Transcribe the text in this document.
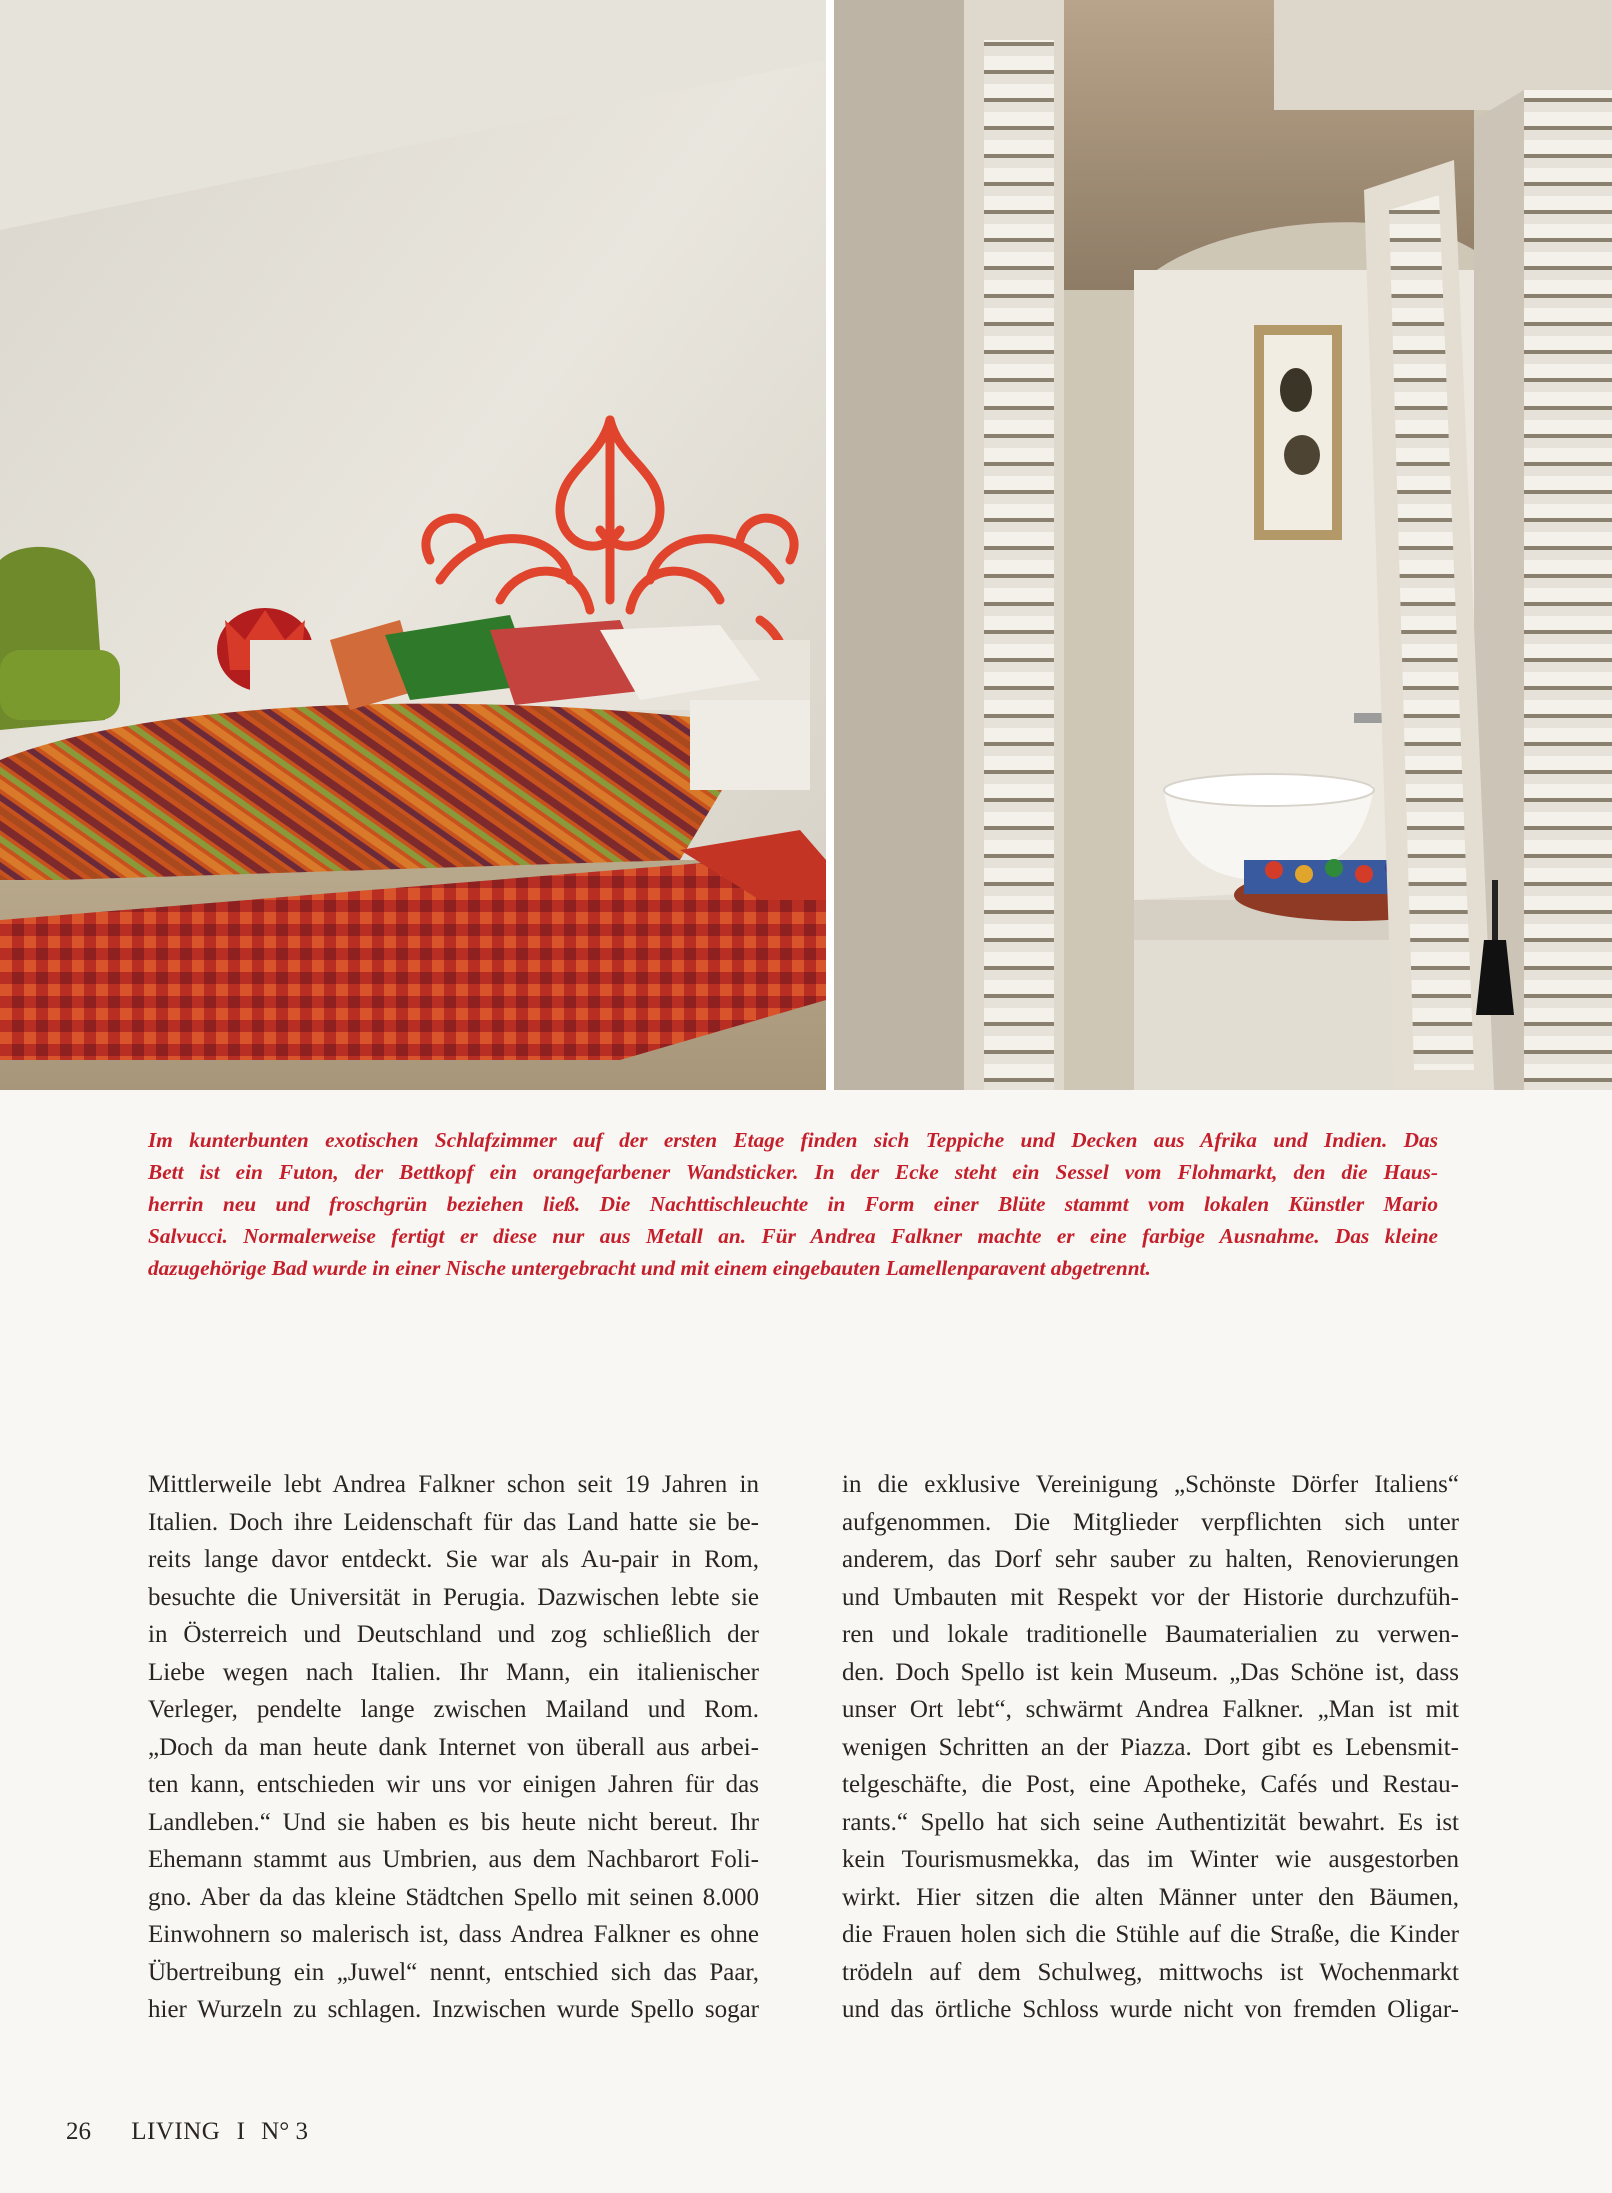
Im kunterbunten exotischen Schlafzimmer auf der ersten Etage finden sich Teppiche und Decken aus Afrika und Indien. Das
Bett ist ein Futon, der Bettkopf ein orangefarbener Wandsticker. In der Ecke steht ein Sessel vom Flohmarkt, den die Haus-
herrin neu und froschgrün beziehen ließ. Die Nachttischleuchte in Form einer Blüte stammt vom lokalen Künstler Mario
Salvucci. Normalerweise fertigt er diese nur aus Metall an. Für Andrea Falkner machte er eine farbige Ausnahme. Das kleine
dazugehörige Bad wurde in einer Nische untergebracht und mit einem eingebauten Lamellenparavent abgetrennt.
Mittlerweile lebt Andrea Falkner schon seit 19 Jahren in
Italien. Doch ihre Leidenschaft für das Land hatte sie be-
reits lange davor entdeckt. Sie war als Au-pair in Rom,
besuchte die Universität in Perugia. Dazwischen lebte sie
in Österreich und Deutschland und zog schließlich der
Liebe wegen nach Italien. Ihr Mann, ein italienischer
Verleger, pendelte lange zwischen Mailand und Rom.
„Doch da man heute dank Internet von überall aus arbei-
ten kann, entschieden wir uns vor einigen Jahren für das
Landleben.“ Und sie haben es bis heute nicht bereut. Ihr
Ehemann stammt aus Umbrien, aus dem Nachbarort Foli-
gno. Aber da das kleine Städtchen Spello mit seinen 8.000
Einwohnern so malerisch ist, dass Andrea Falkner es ohne
Übertreibung ein „Juwel“ nennt, entschied sich das Paar,
hier Wurzeln zu schlagen. Inzwischen wurde Spello sogar
in die exklusive Vereinigung „Schönste Dörfer Italiens“
aufgenommen. Die Mitglieder verpflichten sich unter
anderem, das Dorf sehr sauber zu halten, Renovierungen
und Umbauten mit Respekt vor der Historie durchzufüh-
ren und lokale traditionelle Baumaterialien zu verwen-
den. Doch Spello ist kein Museum. „Das Schöne ist, dass
unser Ort lebt“, schwärmt Andrea Falkner. „Man ist mit
wenigen Schritten an der Piazza. Dort gibt es Lebensmit-
telgeschäfte, die Post, eine Apotheke, Cafés und Restau-
rants.“ Spello hat sich seine Authentizität bewahrt. Es ist
kein Tourismusmekka, das im Winter wie ausgestorben
wirkt. Hier sitzen die alten Männer unter den Bäumen,
die Frauen holen sich die Stühle auf die Straße, die Kinder
trödeln auf dem Schulweg, mittwochs ist Wochenmarkt
und das örtliche Schloss wurde nicht von fremden Oligar-
26 LIVING I N° 3
